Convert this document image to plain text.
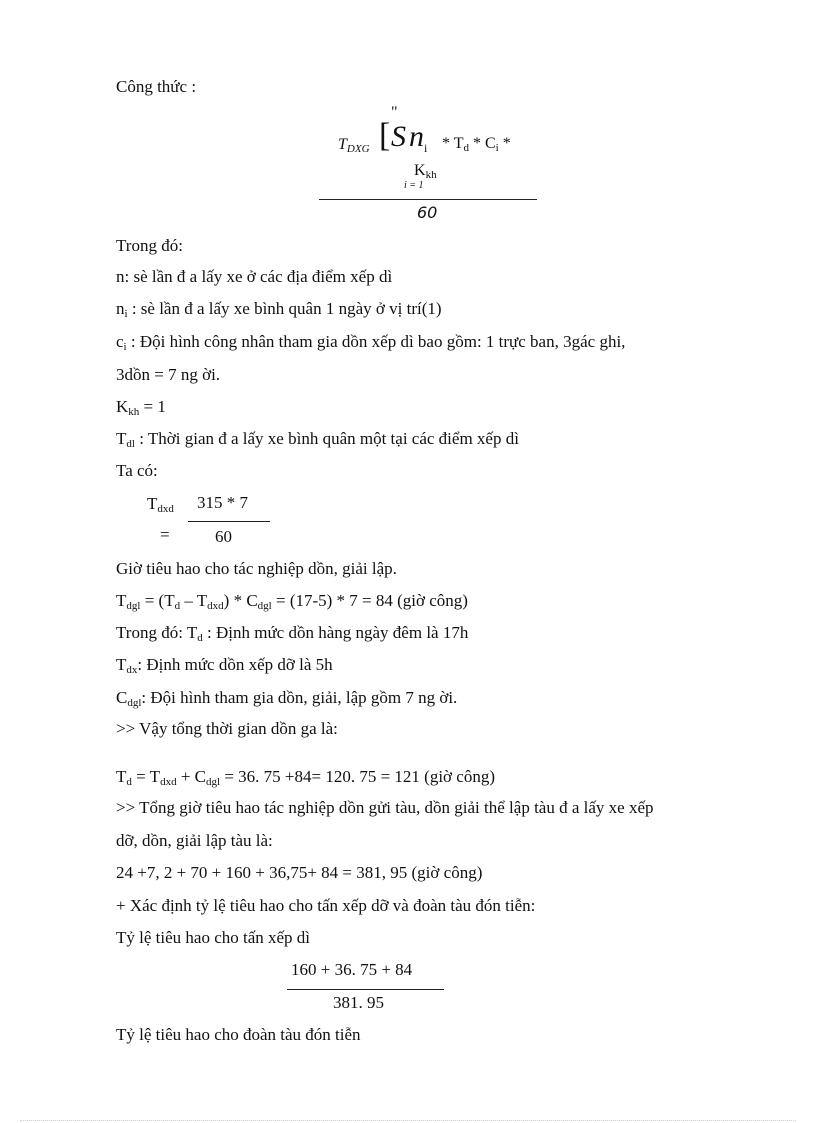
Công thức :
"
$T_{DXG}$ [ S $n_i * T_d * C_i$ *
$K_{kh}$
i = 1
60
Trong đó:
n: sè lần đ a lấy xe ở các địa điểm xếp dì
$n_i$ : sè lần đ a lấy xe bình quân 1 ngày ở vị trí(1)
$c_i$ : Đội hình công nhân tham gia dồn xếp dì bao gồm: 1 trực ban, 3gác ghi,
3dồn = 7 ng ời.
$K_{kh} = 1$
$T_{dl}$ : Thời gian đ a lấy xe bình quân một tại các điểm xếp dì
Ta có:
$T_{dxd}$ 315 * 7
=	60
Giờ tiêu hao cho tác nghiệp dồn, giải lập.
$T_{dgl} = (T_d - T_{dxd}) * C_{dgl} = (17-5) * 7 = 84$ (giờ công)
Trong đó: $T_d$ : Định mức dồn hàng ngày đêm là 17h
$T_{dx}$: Định mức dồn xếp dỡ là 5h
$C_{dgl}$: Đội hình tham gia dồn, giải, lập gồm 7 ng ời.
>> Vậy tổng thời gian dồn ga là:
$T_d = T_{dxd} + C_{dgl} = 36$. 75 +84= 120. 75 = 121 (giờ công)
>> Tổng giờ tiêu hao tác nghiệp dồn gửi tàu, dồn giải thể lập tàu đ a lấy xe xếp
dỡ, dồn, giải lập tàu là:
24 +7, 2 + 70 + 160 + 36,75+ 84 = 381, 95 (giờ công)
+ Xác định tỷ lệ tiêu hao cho tấn xếp dỡ và đoàn tàu đón tiễn:
Tỷ lệ tiêu hao cho tấn xếp dì
160 + 36. 75 + 84
381. 95
Tỷ lệ tiêu hao cho đoàn tàu đón tiễn
